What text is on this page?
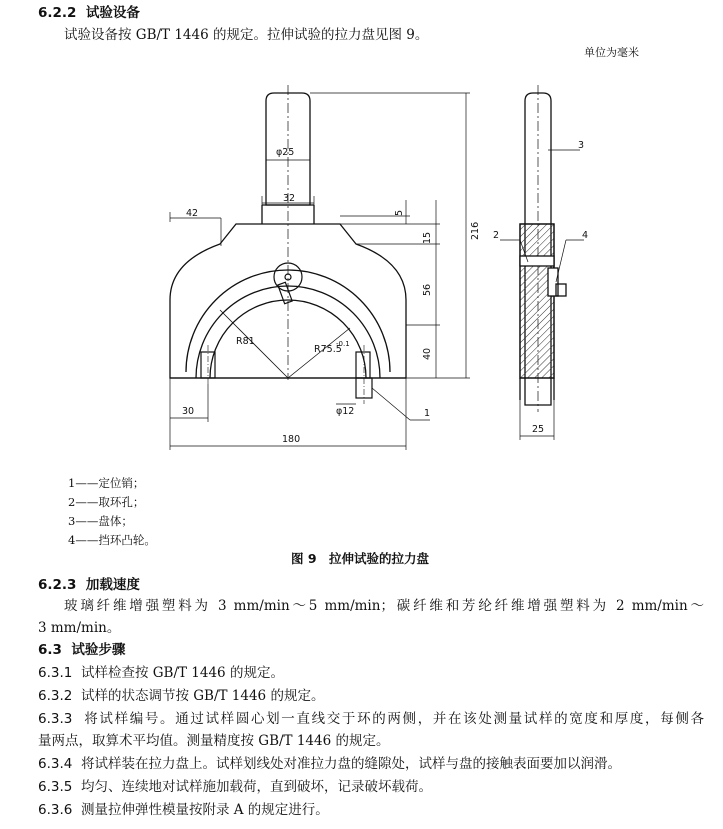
6.2.2 试验设备
试验设备按 GB/T 1446 的规定。拉伸试验的拉力盘见图 9。
单位为毫米
R81
R75.5
-0.1
φ25
32
42
216
5
15
56
40
30
180
φ12	1
3
2	4
25
1——定位销；
2——取环孔；
3——盘体；
4——挡环凸轮。
图 9　拉伸试验的拉力盘
6.2.3 加载速度
玻璃纤维增强塑料为 3 mm/min～5 mm/min；碳纤维和芳纶纤维增强塑料为 2 mm/min～
3 mm/min。
6.3 试验步骤
6.3.1 试样检查按 GB/T 1446 的规定。
6.3.2 试样的状态调节按 GB/T 1446 的规定。
6.3.3 将试样编号。通过试样圆心划一直线交于环的两侧，并在该处测量试样的宽度和厚度，每侧各
量两点，取算术平均值。测量精度按 GB/T 1446 的规定。
6.3.4 将试样装在拉力盘上。试样划线处对准拉力盘的缝隙处，试样与盘的接触表面要加以润滑。
6.3.5 均匀、连续地对试样施加载荷，直到破坏，记录破坏载荷。
6.3.6 测量拉伸弹性模量按附录 A 的规定进行。
